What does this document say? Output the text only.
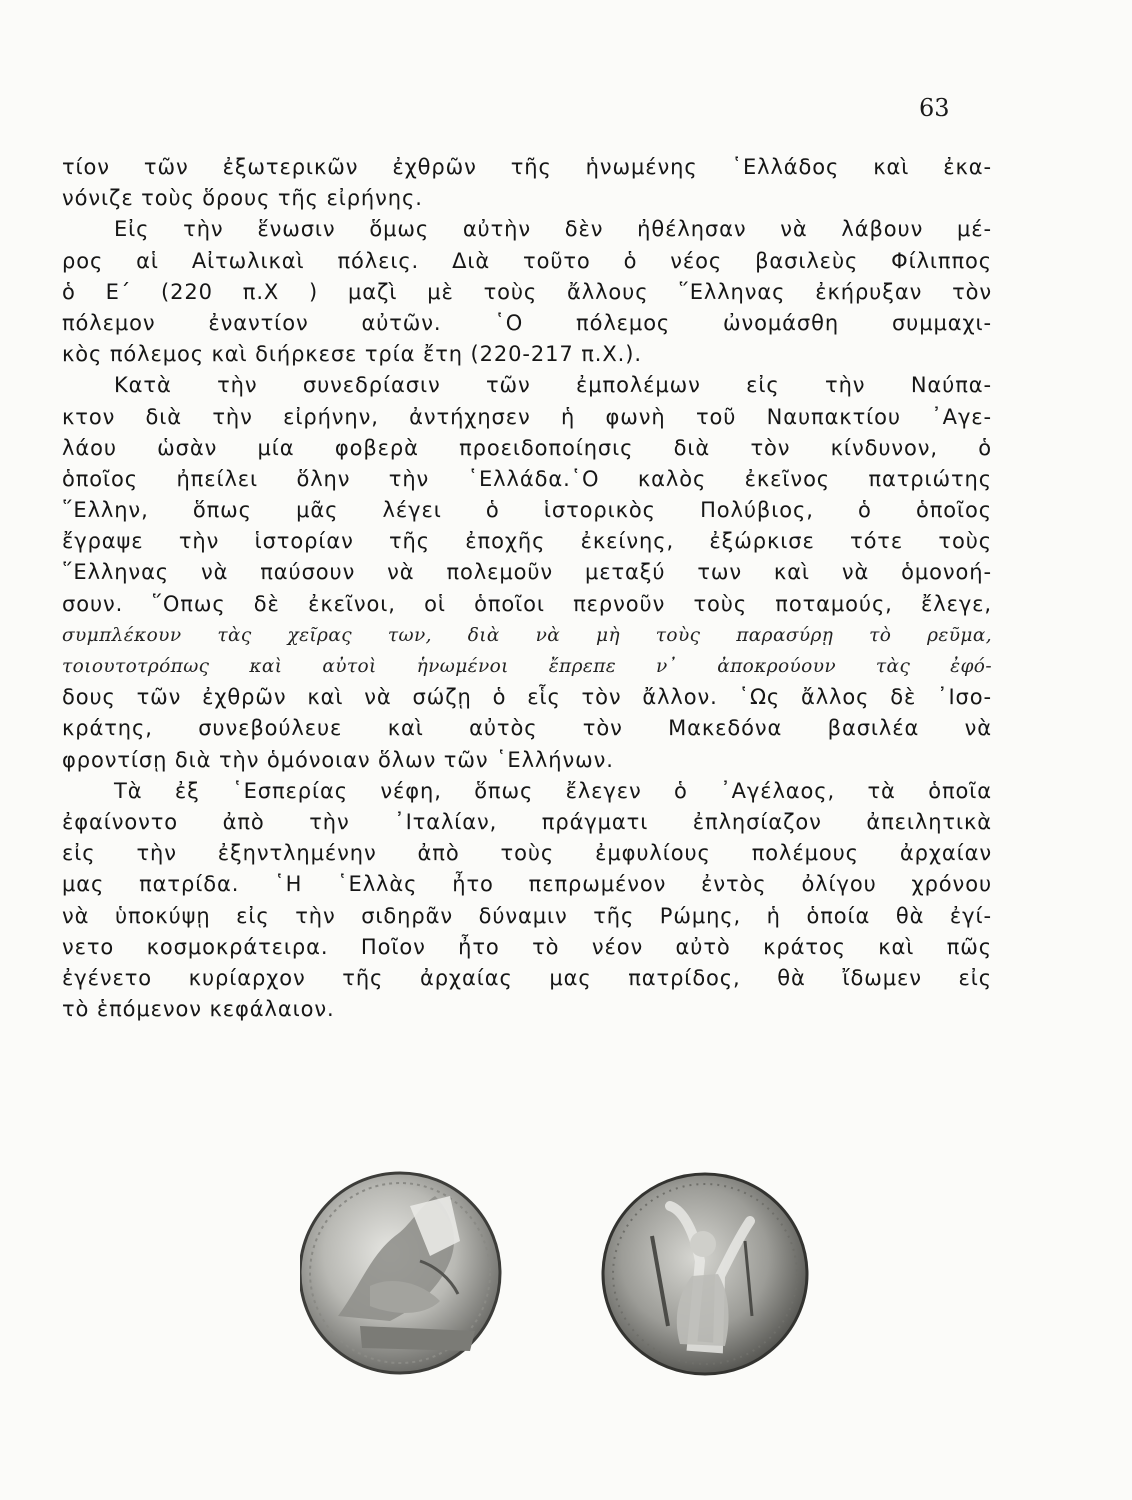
63
τίον τῶν ἐξωτερικῶν ἐχθρῶν τῆς ἡνωμένης ῾Ελλάδος καὶ ἐκα-
νόνιζε τοὺς ὅρους τῆς εἰρήνης.
Εἰς τὴν ἕνωσιν ὅμως αὐτὴν δὲν ἠθέλησαν νὰ λάβουν μέ-
ρος αἱ Αἰτωλικαὶ πόλεις. Διὰ τοῦτο ὁ νέος βασιλεὺς Φίλιππος
ὁ Ε΄ (220 π.Χ ) μαζὶ μὲ τοὺς ἄλλους ῞Ελληνας ἐκήρυξαν τὸν
πόλεμον ἐναντίον αὐτῶν. ῾Ο πόλεμος ὠνομάσθη συμμαχι-
κὸς πόλεμος καὶ διήρκεσε τρία ἔτη (220-217 π.Χ.).
Κατὰ τὴν συνεδρίασιν τῶν ἐμπολέμων εἰς τὴν Ναύπα-
κτον διὰ τὴν εἰρήνην, ἀντήχησεν ἡ φωνὴ τοῦ Ναυπακτίου ᾿Αγε-
λάου ὡσὰν μία φοβερὰ προειδοποίησις διὰ τὸν κίνδυνον, ὁ
ὁποῖος ἠπείλει ὅλην τὴν ῾Ελλάδα.῾Ο καλὸς ἐκεῖνος πατριώτης
῞Ελλην, ὅπως μᾶς λέγει ὁ ἱστορικὸς Πολύβιος, ὁ ὁποῖος
ἔγραψε τὴν ἱστορίαν τῆς ἐποχῆς ἐκείνης, ἐξώρκισε τότε τοὺς
῞Ελληνας νὰ παύσουν νὰ πολεμοῦν μεταξύ των καὶ νὰ ὁμονοή-
σουν. ῞Οπως δὲ ἐκεῖνοι, οἱ ὁποῖοι περνοῦν τοὺς ποταμούς, ἔλεγε,
συμπλέκουν τὰς χεῖρας των, διὰ νὰ μὴ τοὺς παρασύρῃ τὸ ρεῦμα,
τοιουτοτρόπως καὶ αὐτοὶ ἡνωμένοι ἔπρεπε ν᾿ ἀποκρούουν τὰς ἐφό-
δους τῶν ἐχθρῶν καὶ νὰ σώζῃ ὁ εἷς τὸν ἄλλον. ῾Ως ἄλλος δὲ ᾿Ισο-
κράτης, συνεβούλευε καὶ αὐτὸς τὸν Μακεδόνα βασιλέα νὰ
φροντίσῃ διὰ τὴν ὁμόνοιαν ὅλων τῶν ῾Ελλήνων.
Τὰ ἐξ ῾Εσπερίας νέφη, ὅπως ἔλεγεν ὁ ᾿Αγέλαος, τὰ ὁποῖα
ἐφαίνοντο ἀπὸ τὴν ᾿Ιταλίαν, πράγματι ἐπλησίαζον ἀπειλητικὰ
εἰς τὴν ἐξηντλημένην ἀπὸ τοὺς ἐμφυλίους πολέμους ἀρχαίαν
μας πατρίδα. ῾Η ῾Ελλὰς ἦτο πεπρωμένον ἐντὸς ὀλίγου χρόνου
νὰ ὑποκύψῃ εἰς τὴν σιδηρᾶν δύναμιν τῆς Ρώμης, ἡ ὁποία θὰ ἐγί-
νετο κοσμοκράτειρα. Ποῖον ἦτο τὸ νέον αὐτὸ κράτος καὶ πῶς
ἐγένετο κυρίαρχον τῆς ἀρχαίας μας πατρίδος, θὰ ἴδωμεν εἰς
τὸ ἑπόμενον κεφάλαιον.
